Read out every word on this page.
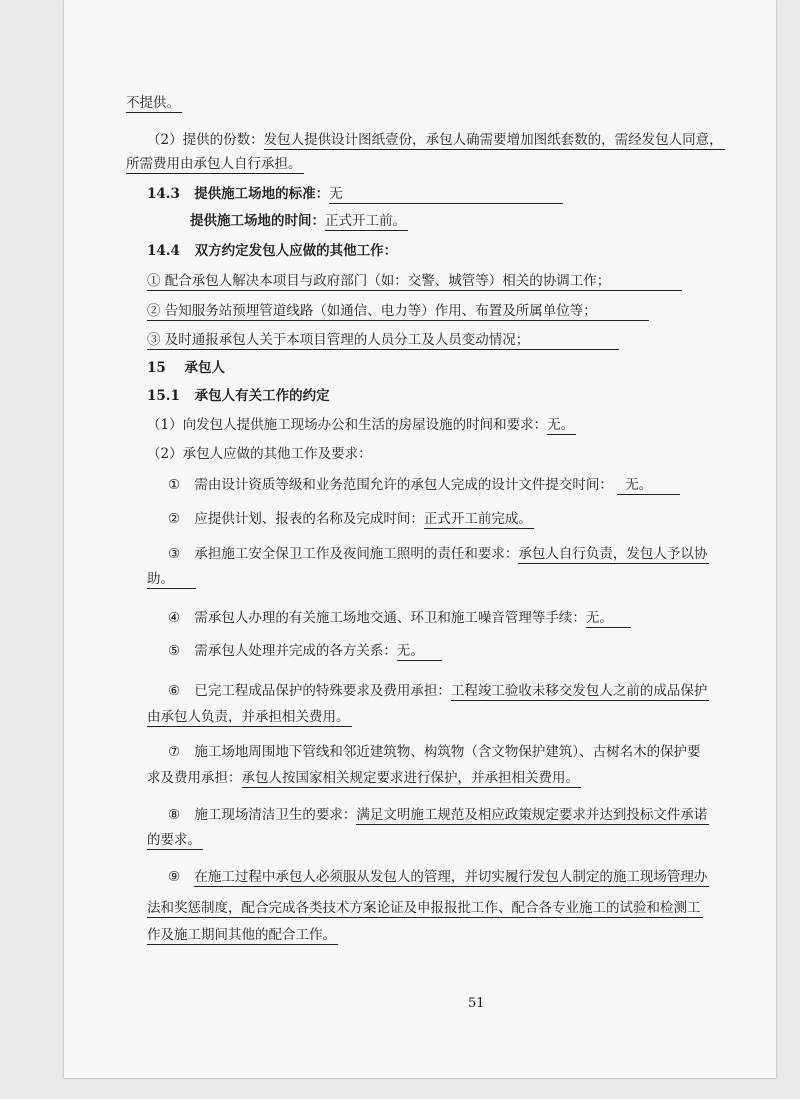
不提供。
（2）提供的份数：发包人提供设计图纸壹份，承包人确需要增加图纸套数的，需经发包人同意，
所需费用由承包人自行承担。
14.3 提供施工场地的标准：无
提供施工场地的时间：正式开工前。
14.4 双方约定发包人应做的其他工作：
① 配合承包人解决本项目与政府部门（如：交警、城管等）相关的协调工作；
② 告知服务站预埋管道线路（如通信、电力等）作用、布置及所属单位等；
③ 及时通报承包人关于本项目管理的人员分工及人员变动情况；
15 承包人
15.1 承包人有关工作的约定
（1）向发包人提供施工现场办公和生活的房屋设施的时间和要求：无。
（2）承包人应做的其他工作及要求：
① 需由设计资质等级和业务范围允许的承包人完成的设计文件提交时间： 无。
② 应提供计划、报表的名称及完成时间：正式开工前完成。
③ 承担施工安全保卫工作及夜间施工照明的责任和要求：承包人自行负责，发包人予以协
助。
④ 需承包人办理的有关施工场地交通、环卫和施工噪音管理等手续：无。
⑤ 需承包人处理并完成的各方关系：无。
⑥ 已完工程成品保护的特殊要求及费用承担：工程竣工验收未移交发包人之前的成品保护
由承包人负责，并承担相关费用。
⑦ 施工场地周围地下管线和邻近建筑物、构筑物（含文物保护建筑）、古树名木的保护要
求及费用承担：承包人按国家相关规定要求进行保护，并承担相关费用。
⑧ 施工现场清洁卫生的要求：满足文明施工规范及相应政策规定要求并达到投标文件承诺
的要求。
⑨ 在施工过程中承包人必须服从发包人的管理，并切实履行发包人制定的施工现场管理办
法和奖惩制度，配合完成各类技术方案论证及申报报批工作、配合各专业施工的试验和检测工
作及施工期间其他的配合工作。
51
